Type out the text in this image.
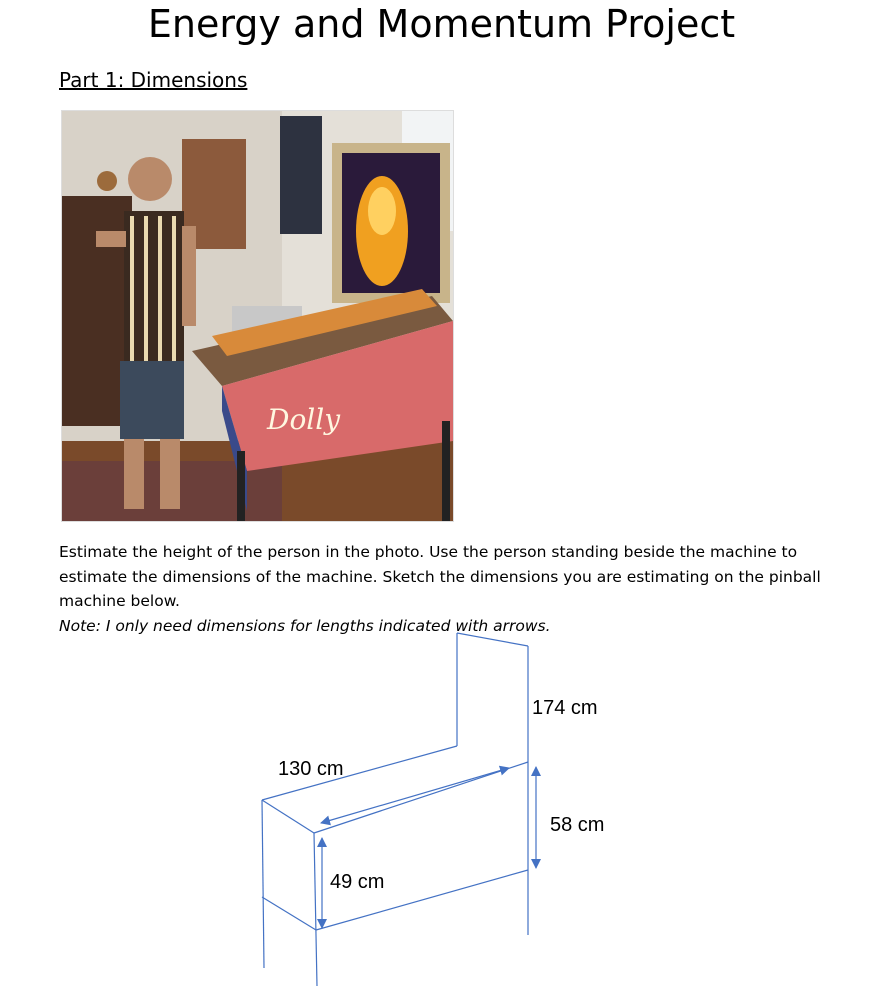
Energy and Momentum Project
Part 1: Dimensions
Dolly
Estimate the height of the person in the photo. Use the person standing beside the machine to estimate the dimensions of the machine. Sketch the dimensions you are estimating on the pinball machine below.
Note: I only need dimensions for lengths indicated with arrows.
174 cm
130 cm
58 cm
49 cm
